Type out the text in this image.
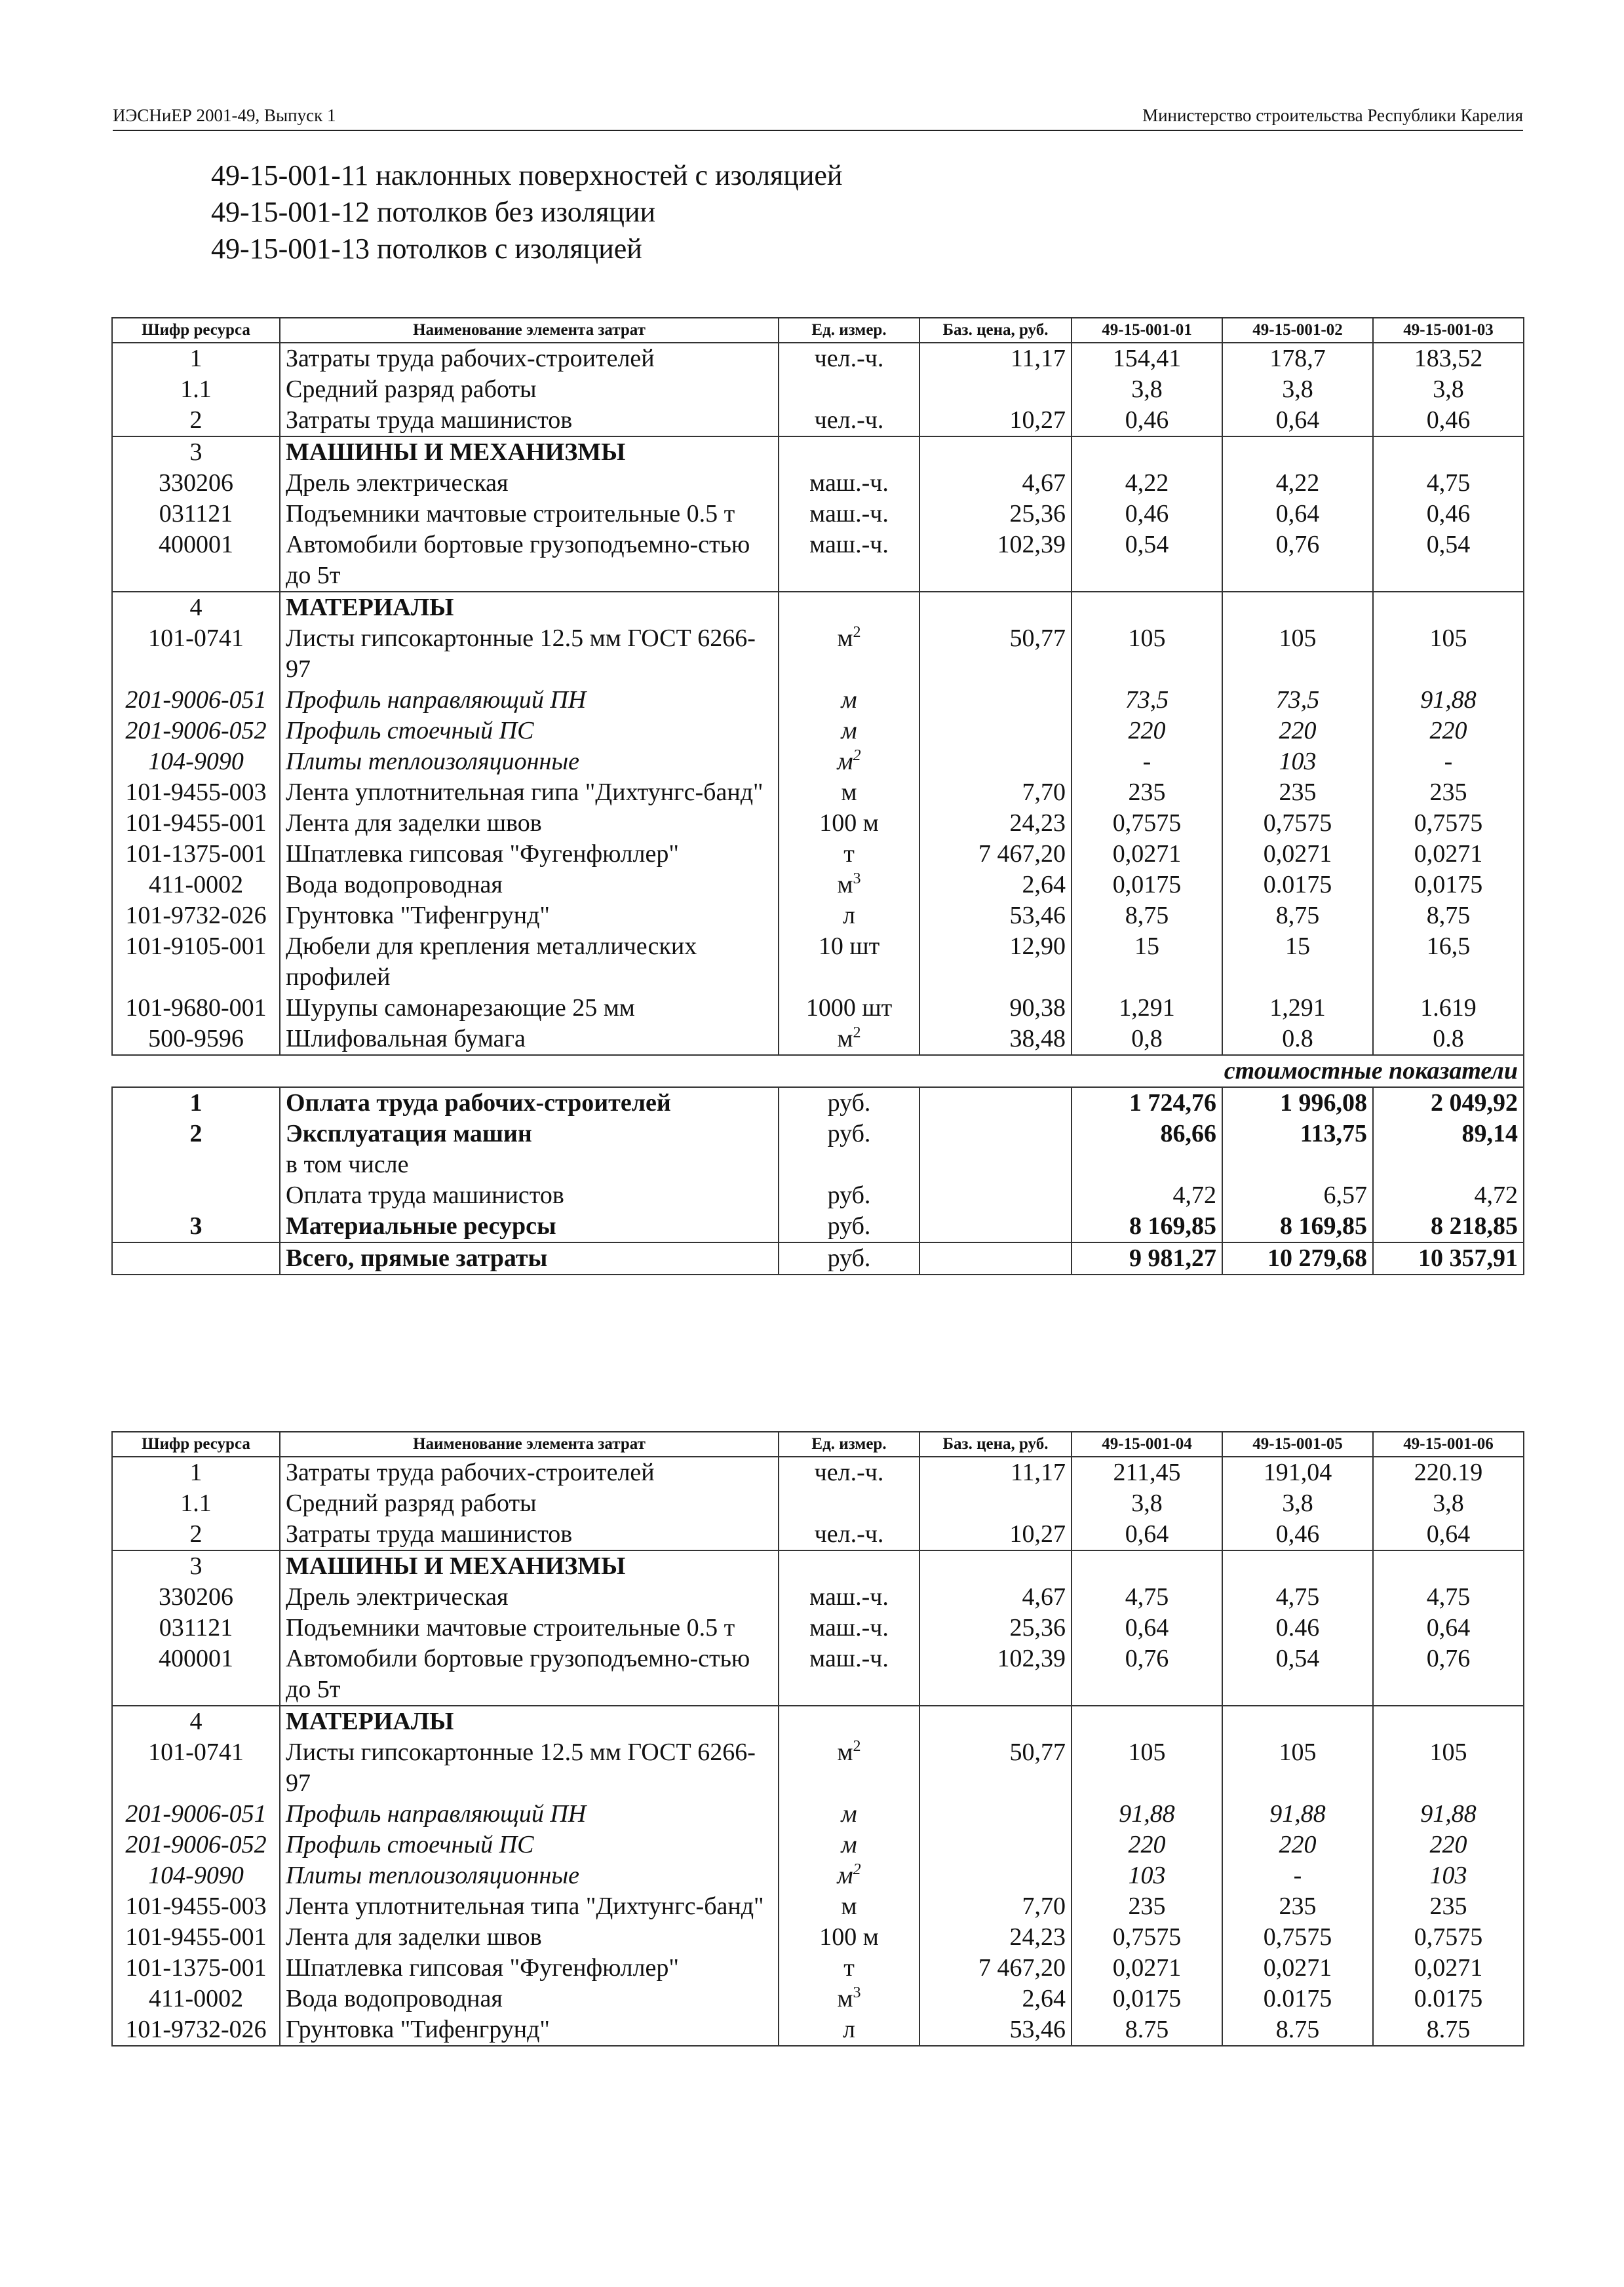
ИЭСНиЕР 2001-49, Выпуск 1	Министерство строительства Республики Карелия
49-15-001-11 наклонных поверхностей с изоляцией
49-15-001-12 потолков без изоляции
49-15-001-13 потолков с изоляцией
Шифр ресурса	Наименование элемента затрат	Ед. измер.	Баз. цена, руб.	49-15-001-01	49-15-001-02	49-15-001-03
1	Затраты труда рабочих-строителей	чел.-ч.	11,17	154,41	178,7	183,52
1.1	Средний разряд работы			3,8	3,8	3,8
2	Затраты труда машинистов	чел.-ч.	10,27	0,46	0,64	0,46
3	МАШИНЫ И МЕХАНИЗМЫ					
330206	Дрель электрическая	маш.-ч.	4,67	4,22	4,22	4,75
031121	Подъемники мачтовые строительные 0.5 т	маш.-ч.	25,36	0,46	0,64	0,46
400001	Автомобили бортовые грузоподъемно-стью до 5т	маш.-ч.	102,39	0,54	0,76	0,54
4	МАТЕРИАЛЫ					
101-0741	Листы гипсокартонные 12.5 мм ГОСТ 6266-97	$м^2$	50,77	105	105	105
201-9006-051	Профиль направляющий ПН	м		73,5	73,5	91,88
201-9006-052	Профиль стоечный ПС	м		220	220	220
104-9090	Плиты теплоизоляционные	$м^2$		-	103	-
101-9455-003	Лента уплотнительная гипа "Дихтунгс-банд"	м	7,70	235	235	235
101-9455-001	Лента для заделки швов	100 м	24,23	0,7575	0,7575	0,7575
101-1375-001	Шпатлевка гипсовая "Фугенфюллер"	т	7 467,20	0,0271	0,0271	0,0271
411-0002	Вода водопроводная	$м^3$	2,64	0,0175	0.0175	0,0175
101-9732-026	Грунтовка "Тифенгрунд"	л	53,46	8,75	8,75	8,75
101-9105-001	Дюбели для крепления металлических профилей	10 шт	12,90	15	15	16,5
101-9680-001	Шурупы самонарезающие 25 мм	1000 шт	90,38	1,291	1,291	1.619
500-9596	Шлифовальная бумага	$м^2$	38,48	0,8	0.8	0.8
				стоимостные показатели		
1	Оплата труда рабочих-строителей	руб.		1 724,76	1 996,08	2 049,92
2	Эксплуатация машин	руб.		86,66	113,75	89,14
	в том числе					
	Оплата труда машинистов	руб.		4,72	6,57	4,72
3	Материальные ресурсы	руб.		8 169,85	8 169,85	8 218,85
	Всего, прямые затраты	руб.		9 981,27	10 279,68	10 357,91
Шифр ресурса	Наименование элемента затрат	Ед. измер.	Баз. цена, руб.	49-15-001-04	49-15-001-05	49-15-001-06
1	Затраты труда рабочих-строителей	чел.-ч.	11,17	211,45	191,04	220.19
1.1	Средний разряд работы			3,8	3,8	3,8
2	Затраты труда машинистов	чел.-ч.	10,27	0,64	0,46	0,64
3	МАШИНЫ И МЕХАНИЗМЫ					
330206	Дрель электрическая	маш.-ч.	4,67	4,75	4,75	4,75
031121	Подъемники мачтовые строительные 0.5 т	маш.-ч.	25,36	0,64	0.46	0,64
400001	Автомобили бортовые грузоподъемно-стью до 5т	маш.-ч.	102,39	0,76	0,54	0,76
4	МАТЕРИАЛЫ					
101-0741	Листы гипсокартонные 12.5 мм ГОСТ 6266-97	$м^2$	50,77	105	105	105
201-9006-051	Профиль направляющий ПН	м		91,88	91,88	91,88
201-9006-052	Профиль стоечный ПС	м		220	220	220
104-9090	Плиты теплоизоляционные	$м^2$		103	-	103
101-9455-003	Лента уплотнительная типа "Дихтунгс-банд"	м	7,70	235	235	235
101-9455-001	Лента для заделки швов	100 м	24,23	0,7575	0,7575	0,7575
101-1375-001	Шпатлевка гипсовая "Фугенфюллер"	т	7 467,20	0,0271	0,0271	0,0271
411-0002	Вода водопроводная	$м^3$	2,64	0,0175	0.0175	0.0175
101-9732-026	Грунтовка "Тифенгрунд"	л	53,46	8.75	8.75	8.75
